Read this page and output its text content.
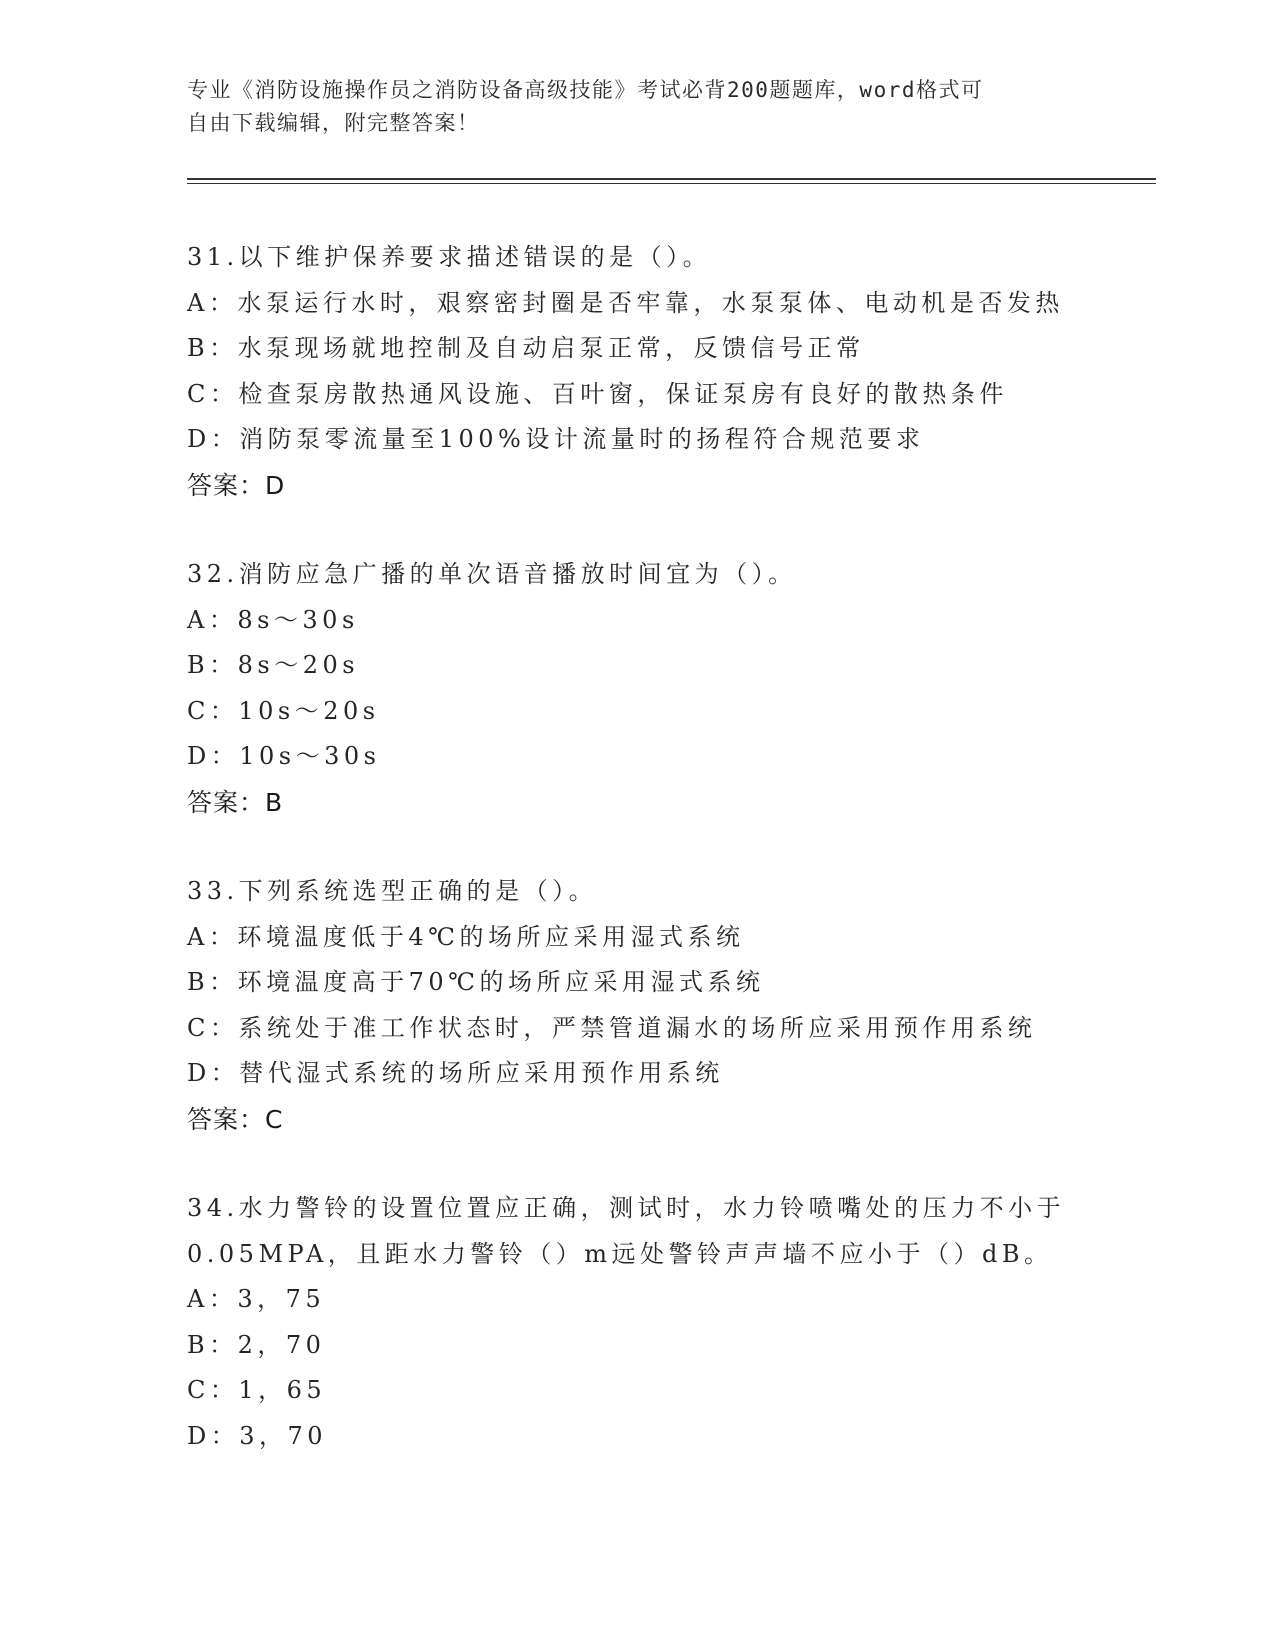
专业《消防设施操作员之消防设备高级技能》考试必背200题题库，word格式可
自由下载编辑，附完整答案！
31.以下维护保养要求描述错误的是（）。
A：水泵运行水时，艰察密封圈是否牢靠，水泵泵体、电动机是否发热
B：水泵现场就地控制及自动启泵正常，反馈信号正常
C：检查泵房散热通风设施、百叶窗，保证泵房有良好的散热条件
D：消防泵零流量至100%设计流量时的扬程符合规范要求
答案：D
32.消防应急广播的单次语音播放时间宜为（）。
A：8s～30s
B：8s～20s
C：10s～20s
D：10s～30s
答案：B
33.下列系统选型正确的是（）。
A：环境温度低于4℃的场所应采用湿式系统
B：环境温度高于70℃的场所应采用湿式系统
C：系统处于准工作状态时，严禁管道漏水的场所应采用预作用系统
D：替代湿式系统的场所应采用预作用系统
答案：C
34.水力警铃的设置位置应正确，测试时，水力铃喷嘴处的压力不小于
0.05MPA，且距水力警铃（）m远处警铃声声墙不应小于（）dB。
A：3，75
B：2，70
C：1，65
D：3，70
